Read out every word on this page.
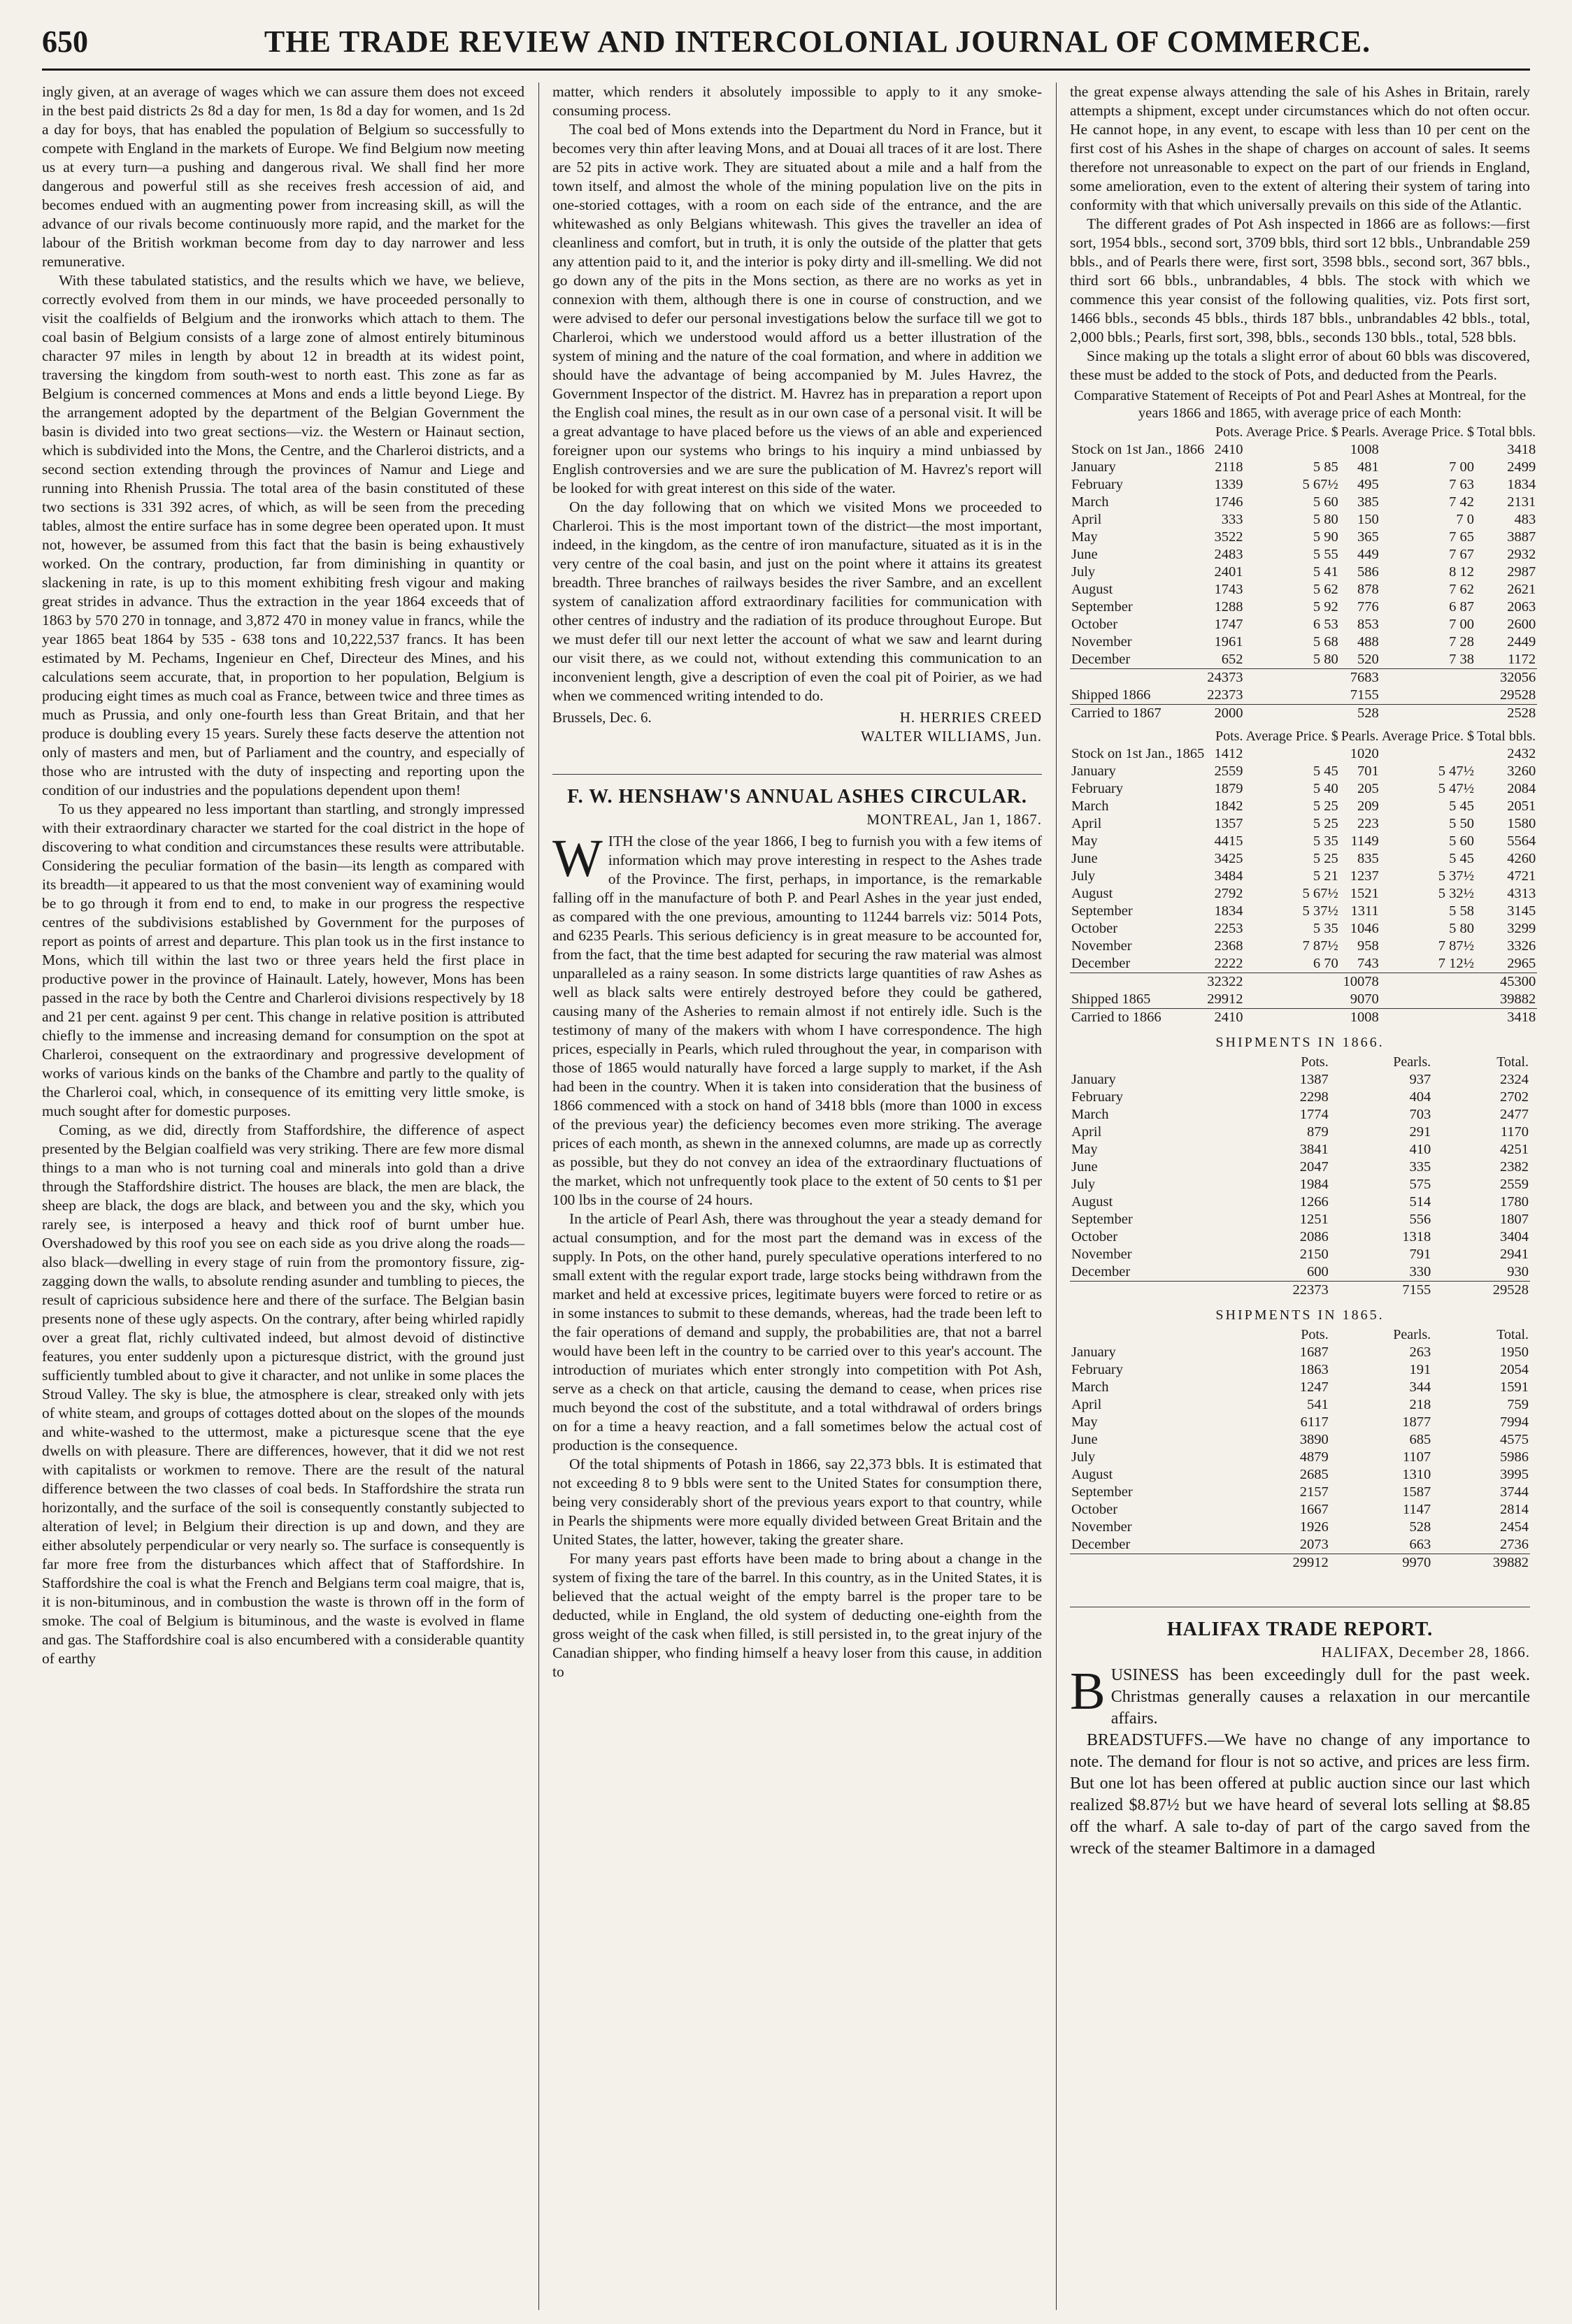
650	THE TRADE REVIEW AND INTERCOLONIAL JOURNAL OF COMMERCE.

ingly given, at an average of wages which we can assure them does not exceed in the best paid districts 2s 8d a day for men, 1s 8d a day for women, and 1s 2d a day for boys, that has enabled the population of Belgium so successfully to compete with England in the markets of Europe. We find Belgium now meeting us at every turn—a pushing and dangerous rival. We shall find her more dangerous and powerful still as she receives fresh accession of aid, and becomes endued with an augmenting power from increasing skill, as will the advance of our rivals become continuously more rapid, and the market for the labour of the British workman become from day to day narrower and less remunerative.

With these tabulated statistics, and the results which we have, we believe, correctly evolved from them in our minds, we have proceeded personally to visit the coalfields of Belgium and the ironworks which attach to them. The coal basin of Belgium consists of a large zone of almost entirely bituminous character 97 miles in length by about 12 in breadth at its widest point, traversing the kingdom from south-west to north east. This zone as far as Belgium is concerned commences at Mons and ends a little beyond Liege. By the arrangement adopted by the department of the Belgian Government the basin is divided into two great sections—viz. the Western or Hainaut section, which is subdivided into the Mons, the Centre, and the Charleroi districts, and a second section extending through the provinces of Namur and Liege and running into Rhenish Prussia. The total area of the basin constituted of these two sections is 331 392 acres, of which, as will be seen from the preceding tables, almost the entire surface has in some degree been operated upon. It must not, however, be assumed from this fact that the basin is being exhaustively worked. On the contrary, production, far from diminishing in quantity or slackening in rate, is up to this moment exhibiting fresh vigour and making great strides in advance. Thus the extraction in the year 1864 exceeds that of 1863 by 570 270 in tonnage, and 3,872 470 in money value in francs, while the year 1865 beat 1864 by 535 - 638 tons and 10,222,537 francs. It has been estimated by M. Pechams, Ingenieur en Chef, Directeur des Mines, and his calculations seem accurate, that, in proportion to her population, Belgium is producing eight times as much coal as France, between twice and three times as much as Prussia, and only one-fourth less than Great Britain, and that her produce is doubling every 15 years. Surely these facts deserve the attention not only of masters and men, but of Parliament and the country, and especially of those who are intrusted with the duty of inspecting and reporting upon the condition of our industries and the populations dependent upon them!

To us they appeared no less important than startling, and strongly impressed with their extraordinary character we started for the coal district in the hope of discovering to what condition and circumstances these results were attributable. Considering the peculiar formation of the basin—its length as compared with its breadth—it appeared to us that the most convenient way of examining would be to go through it from end to end, to make in our progress the respective centres of the subdivisions established by Government for the purposes of report as points of arrest and departure. This plan took us in the first instance to Mons, which till within the last two or three years held the first place in productive power in the province of Hainault. Lately, however, Mons has been passed in the race by both the Centre and Charleroi divisions respectively by 18 and 21 per cent. against 9 per cent. This change in relative position is attributed chiefly to the immense and increasing demand for consumption on the spot at Charleroi, consequent on the extraordinary and progressive development of works of various kinds on the banks of the Chambre and partly to the quality of the Charleroi coal, which, in consequence of its emitting very little smoke, is much sought after for domestic purposes.

Coming, as we did, directly from Staffordshire, the difference of aspect presented by the Belgian coalfield was very striking. There are few more dismal things to a man who is not turning coal and minerals into gold than a drive through the Staffordshire district. The houses are black, the men are black, the sheep are black, the dogs are black, and between you and the sky, which you rarely see, is interposed a heavy and thick roof of burnt umber hue. Overshadowed by this roof you see on each side as you drive along the roads—also black—dwelling in every stage of ruin from the promontory fissure, zig-zagging down the walls, to absolute rending asunder and tumbling to pieces, the result of capricious subsidence here and there of the surface. The Belgian basin presents none of these ugly aspects. On the contrary, after being whirled rapidly over a great flat, richly cultivated indeed, but almost devoid of distinctive features, you enter suddenly upon a picturesque district, with the ground just sufficiently tumbled about to give it character, and not unlike in some places the Stroud Valley. The sky is blue, the atmosphere is clear, streaked only with jets of white steam, and groups of cottages dotted about on the slopes of the mounds and white-washed to the uttermost, make a picturesque scene that the eye dwells on with pleasure. There are differences, however, that it did we not rest with capitalists or workmen to remove. There are the result of the natural difference between the two classes of coal beds. In Staffordshire the strata run horizontally, and the surface of the soil is consequently constantly subjected to alteration of level; in Belgium their direction is up and down, and they are either absolutely perpendicular or very nearly so. The surface is consequently is far more free from the disturbances which affect that of Staffordshire. In Staffordshire the coal is what the French and Belgians term coal maigre, that is, it is non-bituminous, and in combustion the waste is thrown off in the form of smoke. The coal of Belgium is bituminous, and the waste is evolved in flame and gas. The Staffordshire coal is also encumbered with a considerable quantity of earthy

matter, which renders it absolutely impossible to apply to it any smoke-consuming process.

The coal bed of Mons extends into the Department du Nord in France, but it becomes very thin after leaving Mons, and at Douai all traces of it are lost. There are 52 pits in active work. They are situated about a mile and a half from the town itself, and almost the whole of the mining population live on the pits in one-storied cottages, with a room on each side of the entrance, and the are whitewashed as only Belgians whitewash. This gives the traveller an idea of cleanliness and comfort, but in truth, it is only the outside of the platter that gets any attention paid to it, and the interior is poky dirty and ill-smelling. We did not go down any of the pits in the Mons section, as there are no works as yet in connexion with them, although there is one in course of construction, and we were advised to defer our personal investigations below the surface till we got to Charleroi, which we understood would afford us a better illustration of the system of mining and the nature of the coal formation, and where in addition we should have the advantage of being accompanied by M. Jules Havrez, the Government Inspector of the district. M. Havrez has in preparation a report upon the English coal mines, the result as in our own case of a personal visit. It will be a great advantage to have placed before us the views of an able and experienced foreigner upon our systems who brings to his inquiry a mind unbiassed by English controversies and we are sure the publication of M. Havrez's report will be looked for with great interest on this side of the water.

On the day following that on which we visited Mons we proceeded to Charleroi. This is the most important town of the district—the most important, indeed, in the kingdom, as the centre of iron manufacture, situated as it is in the very centre of the coal basin, and just on the point where it attains its greatest breadth. Three branches of railways besides the river Sambre, and an excellent system of canalization afford extraordinary facilities for communication with other centres of industry and the radiation of its produce throughout Europe. But we must defer till our next letter the account of what we saw and learnt during our visit there, as we could not, without extending this communication to an inconvenient length, give a description of even the coal pit of Poirier, as we had when we commenced writing intended to do.

Brussels, Dec. 6.	H. HERRIES CREED
WALTER WILLIAMS, Jun.
F. W. HENSHAW'S ANNUAL ASHES CIRCULAR.
MONTREAL, Jan 1, 1867.

WITH the close of the year 1866, I beg to furnish you with a few items of information which may prove interesting in respect to the Ashes trade of the Province. The first, perhaps, in importance, is the remarkable falling off in the manufacture of both P. and Pearl Ashes in the year just ended, as compared with the one previous, amounting to 11244 barrels viz: 5014 Pots, and 6235 Pearls. This serious deficiency is in great measure to be accounted for, from the fact, that the time best adapted for securing the raw material was almost unparalleled as a rainy season. In some districts large quantities of raw Ashes as well as black salts were entirely destroyed before they could be gathered, causing many of the Asheries to remain almost if not entirely idle. Such is the testimony of many of the makers with whom I have correspondence. The high prices, especially in Pearls, which ruled throughout the year, in comparison with those of 1865 would naturally have forced a large supply to market, if the Ash had been in the country. When it is taken into consideration that the business of 1866 commenced with a stock on hand of 3418 bbls (more than 1000 in excess of the previous year) the deficiency becomes even more striking. The average prices of each month, as shewn in the annexed columns, are made up as correctly as possible, but they do not convey an idea of the extraordinary fluctuations of the market, which not unfrequently took place to the extent of 50 cents to $1 per 100 lbs in the course of 24 hours.

In the article of Pearl Ash, there was throughout the year a steady demand for actual consumption, and for the most part the demand was in excess of the supply. In Pots, on the other hand, purely speculative operations interfered to no small extent with the regular export trade, large stocks being withdrawn from the market and held at excessive prices, legitimate buyers were forced to retire or as in some instances to submit to these demands, whereas, had the trade been left to the fair operations of demand and supply, the probabilities are, that not a barrel would have been left in the country to be carried over to this year's account. The introduction of muriates which enter strongly into competition with Pot Ash, serve as a check on that article, causing the demand to cease, when prices rise much beyond the cost of the substitute, and a total withdrawal of orders brings on for a time a heavy reaction, and a fall sometimes below the actual cost of production is the consequence.

Of the total shipments of Potash in 1866, say 22,373 bbls. It is estimated that not exceeding 8 to 9 bbls were sent to the United States for consumption there, being very considerably short of the previous years export to that country, while in Pearls the shipments were more equally divided between Great Britain and the United States, the latter, however, taking the greater share.

For many years past efforts have been made to bring about a change in the system of fixing the tare of the barrel. In this country, as in the United States, it is believed that the actual weight of the empty barrel is the proper tare to be deducted, while in England, the old system of deducting one-eighth from the gross weight of the cask when filled, is still persisted in, to the great injury of the Canadian shipper, who finding himself a heavy loser from this cause, in addition to

the great expense always attending the sale of his Ashes in Britain, rarely attempts a shipment, except under circumstances which do not often occur. He cannot hope, in any event, to escape with less than 10 per cent on the first cost of his Ashes in the shape of charges on account of sales. It seems therefore not unreasonable to expect on the part of our friends in England, some amelioration, even to the extent of altering their system of taring into conformity with that which universally prevails on this side of the Atlantic.

The different grades of Pot Ash inspected in 1866 are as follows:—first sort, 1954 bbls., second sort, 3709 bbls, third sort 12 bbls., Unbrandable 259 bbls., and of Pearls there were, first sort, 3598 bbls., second sort, 367 bbls., third sort 66 bbls., unbrandables, 4 bbls. The stock with which we commence this year consist of the following qualities, viz. Pots first sort, 1466 bbls., seconds 45 bbls., thirds 187 bbls., unbrandables 42 bbls., total, 2,000 bbls.; Pearls, first sort, 398, bbls., seconds 130 bbls., total, 528 bbls.

Since making up the totals a slight error of about 60 bbls was discovered, these must be added to the stock of Pots, and deducted from the Pearls.

Comparative Statement of Receipts of Pot and Pearl Ashes at Montreal, for the years 1866 and 1865, with average price of each Month:
	Pots.	Average Price. $	Pearls.	Average Price. $	Total bbls.
Stock on 1st Jan., 1866	2410		1008		3418
January	2118	5 85	481	7 00	2499
February	1339	5 67½	495	7 63	1834
March	1746	5 60	385	7 42	2131
April	333	5 80	150	7 0	483
May	3522	5 90	365	7 65	3887
June	2483	5 55	449	7 67	2932
July	2401	5 41	586	8 12	2987
August	1743	5 62	878	7 62	2621
September	1288	5 92	776	6 87	2063
October	1747	6 53	853	7 00	2600
November	1961	5 68	488	7 28	2449
December	652	5 80	520	7 38	1172
	24373		7683		32056
Shipped 1866	22373		7155		29528
Carried to 1867	2000		528		2528
	Pots.	Average Price. $	Pearls.	Average Price. $	Total bbls.
Stock on 1st Jan., 1865	1412		1020		2432
January	2559	5 45	701	5 47½	3260
February	1879	5 40	205	5 47½	2084
March	1842	5 25	209	5 45	2051
April	1357	5 25	223	5 50	1580
May	4415	5 35	1149	5 60	5564
June	3425	5 25	835	5 45	4260
July	3484	5 21	1237	5 37½	4721
August	2792	5 67½	1521	5 32½	4313
September	1834	5 37½	1311	5 58	3145
October	2253	5 35	1046	5 80	3299
November	2368	7 87½	958	7 87½	3326
December	2222	6 70	743	7 12½	2965
	32322		10078		45300
Shipped 1865	29912		9070		39882
Carried to 1866	2410		1008		3418
SHIPMENTS IN 1866.
	Pots.	Pearls.	Total.
January	1387	937	2324
February	2298	404	2702
March	1774	703	2477
April	879	291	1170
May	3841	410	4251
June	2047	335	2382
July	1984	575	2559
August	1266	514	1780
September	1251	556	1807
October	2086	1318	3404
November	2150	791	2941
December	600	330	930
	22373	7155	29528
SHIPMENTS IN 1865.
	Pots.	Pearls.	Total.
January	1687	263	1950
February	1863	191	2054
March	1247	344	1591
April	541	218	759
May	6117	1877	7994
June	3890	685	4575
July	4879	1107	5986
August	2685	1310	3995
September	2157	1587	3744
October	1667	1147	2814
November	1926	528	2454
December	2073	663	2736
	29912	9970	39882
HALIFAX TRADE REPORT.
HALIFAX, December 28, 1866.

BUSINESS has been exceedingly dull for the past week. Christmas generally causes a relaxation in our mercantile affairs.

BREADSTUFFS.—We have no change of any importance to note. The demand for flour is not so active, and prices are less firm. But one lot has been offered at public auction since our last which realized $8.87½ but we have heard of several lots selling at $8.85 off the wharf. A sale to-day of part of the cargo saved from the wreck of the steamer Baltimore in a damaged
